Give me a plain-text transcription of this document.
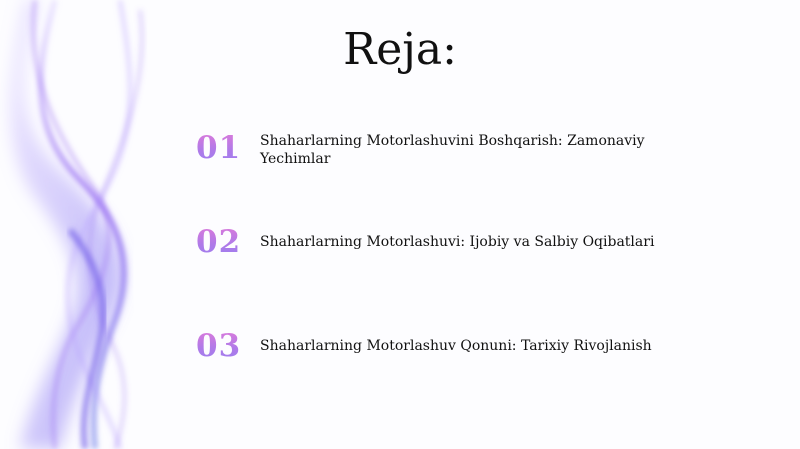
Reja:
01	Shaharlarning Motorlashuvini Boshqarish: Zamonaviy Yechimlar
02	Shaharlarning Motorlashuvi: Ijobiy va Salbiy Oqibatlari
03	Shaharlarning Motorlashuv Qonuni: Tarixiy Rivojlanish
